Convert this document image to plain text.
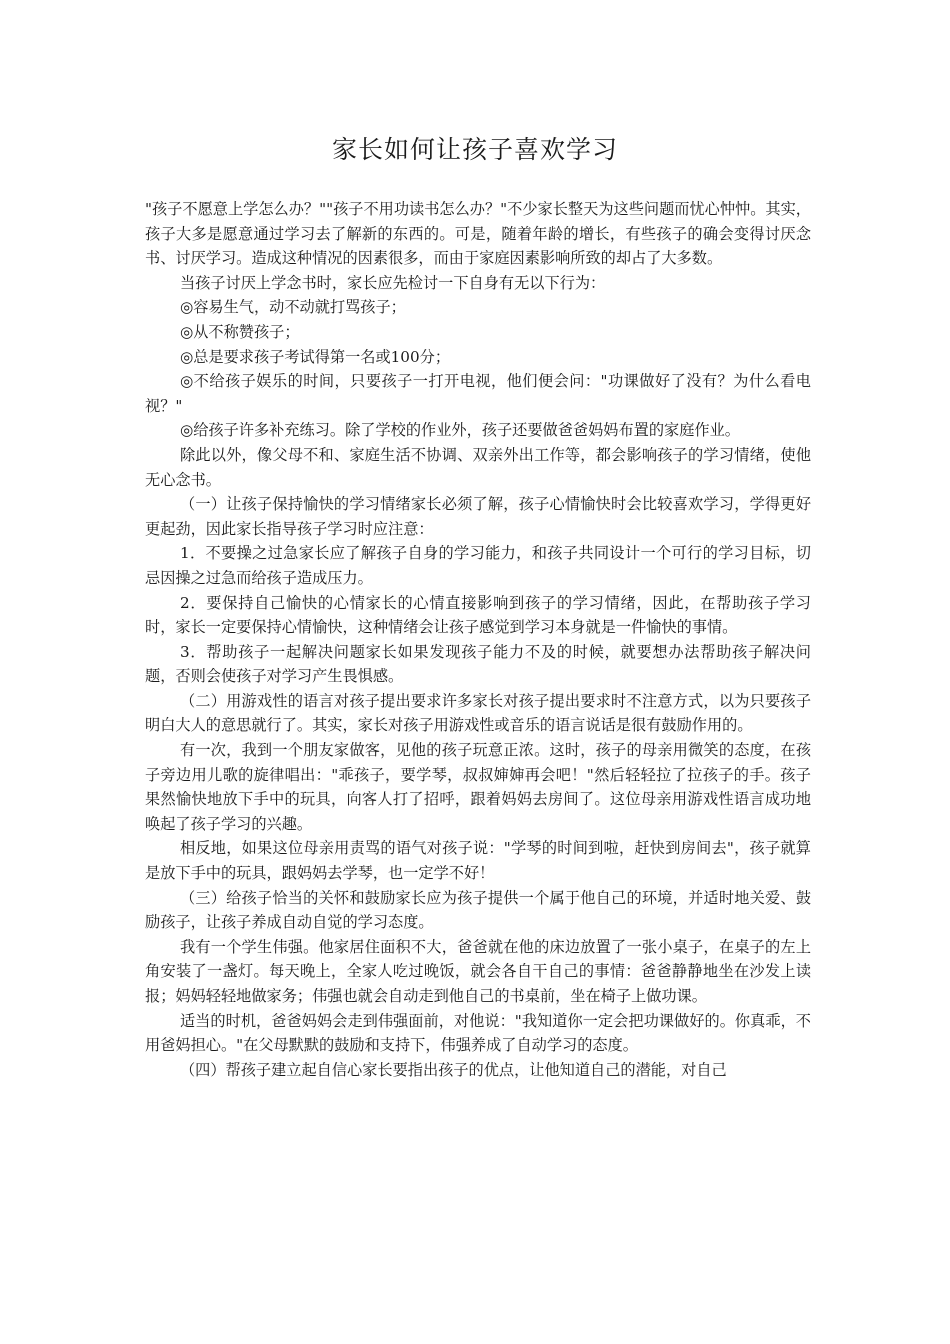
家长如何让孩子喜欢学习

"孩子不愿意上学怎么办？""孩子不用功读书怎么办？"不少家长整天为这些问题而忧心忡忡。其实，孩子大多是愿意通过学习去了解新的东西的。可是，随着年龄的增长，有些孩子的确会变得讨厌念书、讨厌学习。造成这种情况的因素很多，而由于家庭因素影响所致的却占了大多数。

当孩子讨厌上学念书时，家长应先检讨一下自身有无以下行为：

◎容易生气，动不动就打骂孩子；

◎从不称赞孩子；

◎总是要求孩子考试得第一名或100分；

◎不给孩子娱乐的时间，只要孩子一打开电视，他们便会问："功课做好了没有？为什么看电视？"

◎给孩子许多补充练习。除了学校的作业外，孩子还要做爸爸妈妈布置的家庭作业。

除此以外，像父母不和、家庭生活不协调、双亲外出工作等，都会影响孩子的学习情绪，使他无心念书。

（一）让孩子保持愉快的学习情绪家长必须了解，孩子心情愉快时会比较喜欢学习，学得更好更起劲，因此家长指导孩子学习时应注意：

1．不要操之过急家长应了解孩子自身的学习能力，和孩子共同设计一个可行的学习目标，切忌因操之过急而给孩子造成压力。

2．要保持自己愉快的心情家长的心情直接影响到孩子的学习情绪，因此，在帮助孩子学习时，家长一定要保持心情愉快，这种情绪会让孩子感觉到学习本身就是一件愉快的事情。

3．帮助孩子一起解决问题家长如果发现孩子能力不及的时候，就要想办法帮助孩子解决问题，否则会使孩子对学习产生畏惧感。

（二）用游戏性的语言对孩子提出要求许多家长对孩子提出要求时不注意方式，以为只要孩子明白大人的意思就行了。其实，家长对孩子用游戏性或音乐的语言说话是很有鼓励作用的。

有一次，我到一个朋友家做客，见他的孩子玩意正浓。这时，孩子的母亲用微笑的态度，在孩子旁边用儿歌的旋律唱出："乖孩子，要学琴，叔叔婶婶再会吧！"然后轻轻拉了拉孩子的手。孩子果然愉快地放下手中的玩具，向客人打了招呼，跟着妈妈去房间了。这位母亲用游戏性语言成功地唤起了孩子学习的兴趣。

相反地，如果这位母亲用责骂的语气对孩子说："学琴的时间到啦，赶快到房间去"，孩子就算是放下手中的玩具，跟妈妈去学琴，也一定学不好！

（三）给孩子恰当的关怀和鼓励家长应为孩子提供一个属于他自己的环境，并适时地关爱、鼓励孩子，让孩子养成自动自觉的学习态度。

我有一个学生伟强。他家居住面积不大，爸爸就在他的床边放置了一张小桌子，在桌子的左上角安装了一盏灯。每天晚上，全家人吃过晚饭，就会各自干自己的事情：爸爸静静地坐在沙发上读报；妈妈轻轻地做家务；伟强也就会自动走到他自己的书桌前，坐在椅子上做功课。

适当的时机，爸爸妈妈会走到伟强面前，对他说："我知道你一定会把功课做好的。你真乖，不用爸妈担心。"在父母默默的鼓励和支持下，伟强养成了自动学习的态度。

（四）帮孩子建立起自信心家长要指出孩子的优点，让他知道自己的潜能，对自己
